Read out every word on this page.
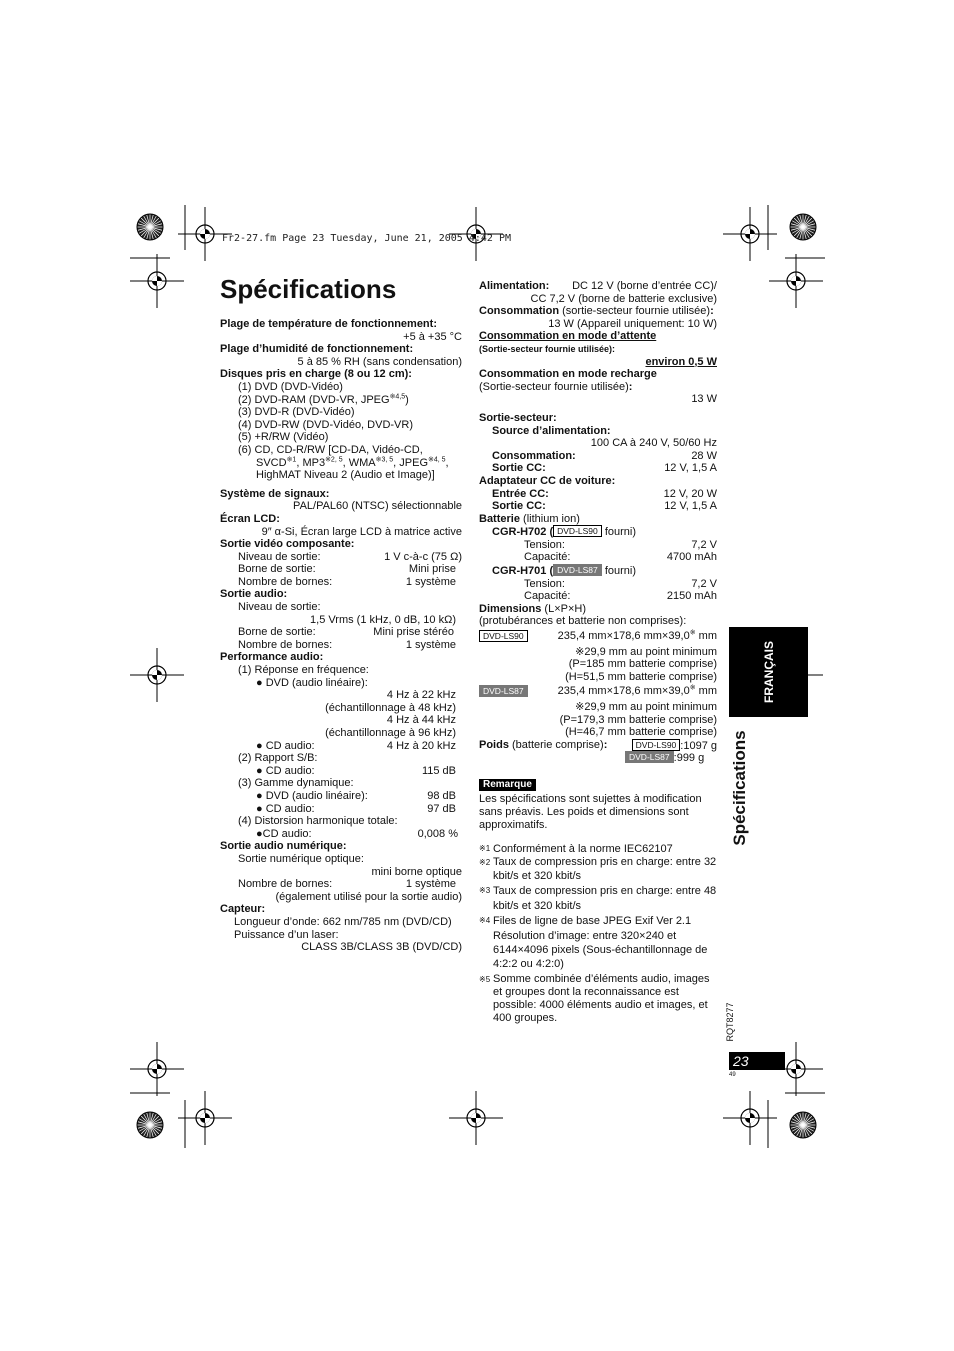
Fr2-27.fm Page 23 Tuesday, June 21, 2005 4:42 PM
Spécifications
Plage de température de fonctionnement:
+5 à +35 °C
Plage d’humidité de fonctionnement:
5 à 85 % RH (sans condensation)
Disques pris en charge (8 ou 12 cm):
(1) DVD (DVD-Vidéo)
(2) DVD-RAM (DVD-VR, JPEG$^{※4,5}$)
(3) DVD-R (DVD-Vidéo)
(4) DVD-RW (DVD-Vidéo, DVD-VR)
(5) +R/RW (Vidéo)
(6) CD, CD-R/RW [CD-DA, Vidéo-CD,
SVCD$^{※1}$, MP3$^{※2, 5}$, WMA$^{※3, 5}$, JPEG$^{※4, 5}$,
HighMAT Niveau 2 (Audio et Image)]
Système de signaux:
PAL/PAL60 (NTSC) sélectionnable
Écran LCD:
9″ α-Si, Écran large LCD à matrice active
Sortie vidéo composante:
Niveau de sortie:	1 V c-à-c (75 Ω)
Borne de sortie:	Mini prise
Nombre de bornes:	1 système
Sortie audio:
Niveau de sortie:
1,5 Vrms (1 kHz, 0 dB, 10 kΩ)
Borne de sortie:	Mini prise stéréo
Nombre de bornes:	1 système
Performance audio:
(1) Réponse en fréquence:
● DVD (audio linéaire):
4 Hz à 22 kHz
(échantillonnage à 48 kHz)
4 Hz à 44 kHz
(échantillonnage à 96 kHz)
● CD audio:	4 Hz à 20 kHz
(2) Rapport S/B:
● CD audio:	115 dB
(3) Gamme dynamique:
● DVD (audio linéaire):	98 dB
● CD audio:	97 dB
(4) Distorsion harmonique totale:
●CD audio:	0,008 %
Sortie audio numérique:
Sortie numérique optique:
mini borne optique
Nombre de bornes:	1 système
(également utilisé pour la sortie audio)
Capteur:
Longueur d’onde: 662 nm/785 nm (DVD/CD)
Puissance d’un laser:
CLASS 3B/CLASS 3B (DVD/CD)
Alimentation: DC 12 V (borne d’entrée CC)/
CC 7,2 V (borne de batterie exclusive)
Consommation (sortie-secteur fournie utilisée):
13 W (Appareil uniquement: 10 W)
Consommation en mode d’attente
(Sortie-secteur fournie utilisée):
environ 0,5 W
Consommation en mode recharge
(Sortie-secteur fournie utilisée):
13 W
Sortie-secteur:
Source d’alimentation:
100 CA à 240 V, 50/60 Hz
Consommation:	28 W
Sortie CC:	12 V, 1,5 A
Adaptateur CC de voiture:
Entrée CC:	12 V, 20 W
Sortie CC:	12 V, 1,5 A
Batterie (lithium ion)
CGR-H702 ( DVD-LS90 fourni)
Tension:	7,2 V
Capacité:	4700 mAh
CGR-H701 ( DVD-LS87 fourni)
Tension:	7,2 V
Capacité:	2150 mAh
Dimensions (L×P×H)
(protubérances et batterie non comprises):
DVD-LS90	235,4 mm×178,6 mm×39,0※ mm
※29,9 mm au point minimum
(P=185 mm batterie comprise)
(H=51,5 mm batterie comprise)
DVD-LS87	235,4 mm×178,6 mm×39,0※ mm
※29,9 mm au point minimum
(P=179,3 mm batterie comprise)
(H=46,7 mm batterie comprise)
Poids (batterie comprise):	DVD-LS90 :1097 g
DVD-LS87 :999 g
Remarque
Les spécifications sont sujettes à modification sans préavis. Les poids et dimensions sont approximatifs.
※1 Conformément à la norme IEC62107
※2 Taux de compression pris en charge: entre 32 kbit/s et 320 kbit/s
※3 Taux de compression pris en charge: entre 48 kbit/s et 320 kbit/s
※4 Files de ligne de base JPEG Exif Ver 2.1
Résolution d’image: entre 320×240 et 6144×4096 pixels (Sous-échantillonnage de 4:2:2 ou 4:2:0)
※5 Somme combinée d’éléments audio, images et groupes dont la reconnaissance est possible: 4000 éléments audio et images, et 400 groupes.
FRANÇAIS
Spécifications
RQT8277
23
49
